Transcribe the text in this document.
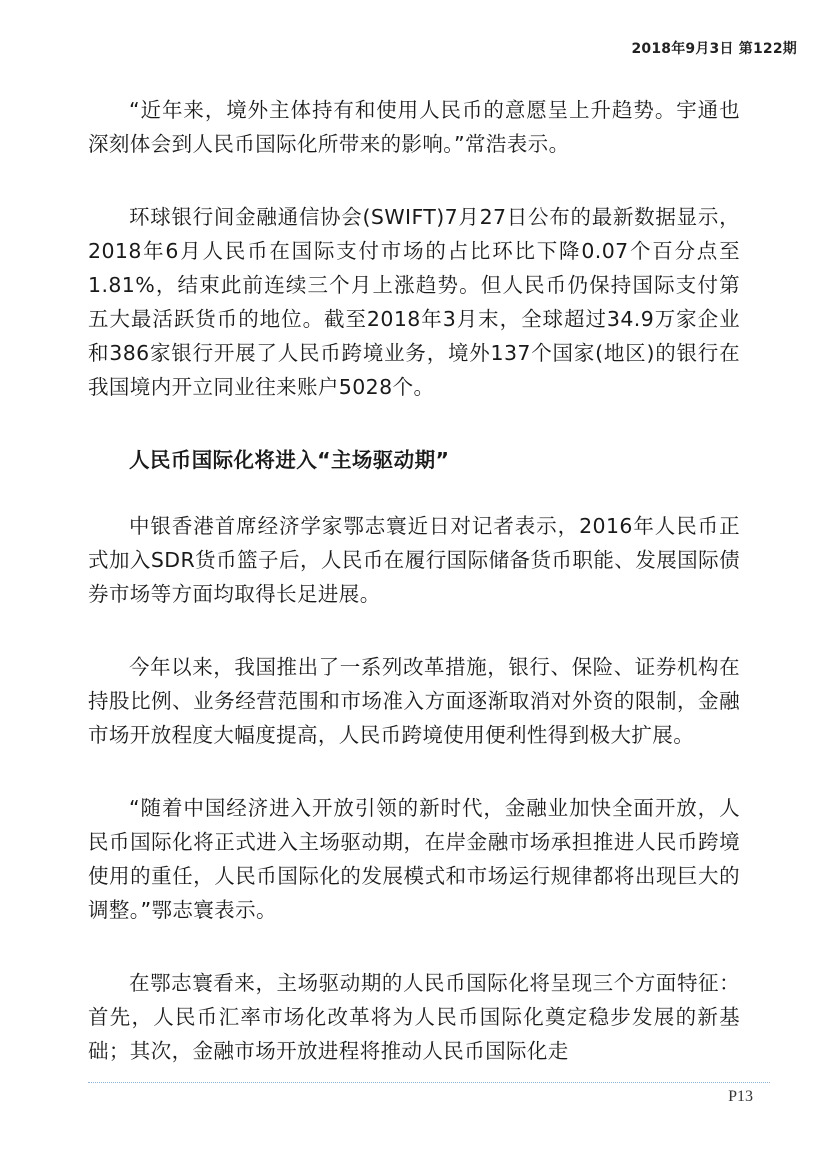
2018年9月3日 第122期

“近年来，境外主体持有和使用人民币的意愿呈上升趋势。宇通也深刻体会到人民币国际化所带来的影响。”常浩表示。

环球银行间金融通信协会(SWIFT)7月27日公布的最新数据显示，2018年6月人民币在国际支付市场的占比环比下降0.07个百分点至1.81%，结束此前连续三个月上涨趋势。但人民币仍保持国际支付第五大最活跃货币的地位。截至2018年3月末，全球超过34.9万家企业和386家银行开展了人民币跨境业务，境外137个国家(地区)的银行在我国境内开立同业往来账户5028个。

人民币国际化将进入“主场驱动期”

中银香港首席经济学家鄂志寰近日对记者表示，2016年人民币正式加入SDR货币篮子后，人民币在履行国际储备货币职能、发展国际债券市场等方面均取得长足进展。

今年以来，我国推出了一系列改革措施，银行、保险、证券机构在持股比例、业务经营范围和市场准入方面逐渐取消对外资的限制，金融市场开放程度大幅度提高，人民币跨境使用便利性得到极大扩展。

“随着中国经济进入开放引领的新时代，金融业加快全面开放，人民币国际化将正式进入主场驱动期，在岸金融市场承担推进人民币跨境使用的重任，人民币国际化的发展模式和市场运行规律都将出现巨大的调整。”鄂志寰表示。

在鄂志寰看来，主场驱动期的人民币国际化将呈现三个方面特征：首先，人民币汇率市场化改革将为人民币国际化奠定稳步发展的新基础；其次，金融市场开放进程将推动人民币国际化走

P13
